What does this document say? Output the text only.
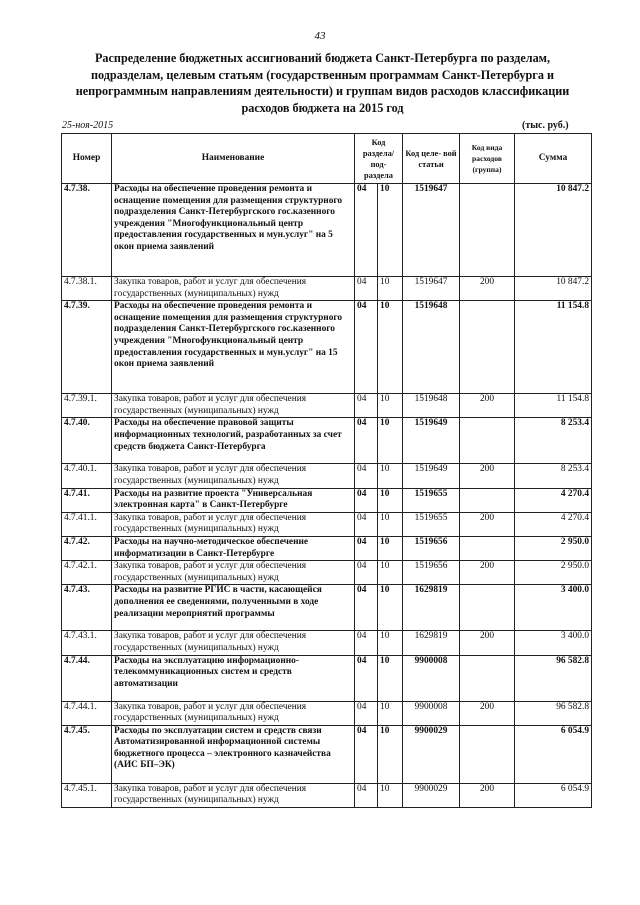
43
Распределение бюджетных ассигнований бюджета Санкт-Петербурга по разделам, подразделам, целевым статьям (государственным программам Санкт-Петербурга и непрограммным направлениям деятельности) и группам видов расходов классификации расходов бюджета на 2015 год
25-ноя-2015	(тыс. руб.)
Номер	Наименование	Код раздела/ под- раздела		Код целе- вой статьи	Код вида расходов (группа)	Сумма
4.7.38.	Расходы на обеспечение проведения ремонта и оснащение помещения для размещения структурного подразделения Санкт-Петербургского гос.казенного учреждения "Многофункциональный центр предоставления государственных и мун.услуг" на 5 окон приема заявлений	04	10	1519647		10 847.2
4.7.38.1.	Закупка товаров, работ и услуг для обеспечения государственных (муниципальных) нужд	04	10	1519647	200	10 847.2
4.7.39.	Расходы на обеспечение проведения ремонта и оснащение помещения для размещения структурного подразделения Санкт-Петербургского гос.казенного учреждения "Многофункциональный центр предоставления государственных и мун.услуг" на 15 окон приема заявлений	04	10	1519648		11 154.8
4.7.39.1.	Закупка товаров, работ и услуг для обеспечения государственных (муниципальных) нужд	04	10	1519648	200	11 154.8
4.7.40.	Расходы на обеспечение правовой защиты информационных технологий, разработанных за счет средств бюджета Санкт-Петербурга	04	10	1519649		8 253.4
4.7.40.1.	Закупка товаров, работ и услуг для обеспечения государственных (муниципальных) нужд	04	10	1519649	200	8 253.4
4.7.41.	Расходы на развитие проекта "Универсальная электронная карта" в Санкт-Петербурге	04	10	1519655		4 270.4
4.7.41.1.	Закупка товаров, работ и услуг для обеспечения государственных (муниципальных) нужд	04	10	1519655	200	4 270.4
4.7.42.	Расходы на научно-методическое обеспечение информатизации в Санкт-Петербурге	04	10	1519656		2 950.0
4.7.42.1.	Закупка товаров, работ и услуг для обеспечения государственных (муниципальных) нужд	04	10	1519656	200	2 950.0
4.7.43.	Расходы на развитие РГИС в части, касающейся дополнения ее сведениями, полученными в ходе реализации мероприятий программы	04	10	1629819		3 400.0
4.7.43.1.	Закупка товаров, работ и услуг для обеспечения государственных (муниципальных) нужд	04	10	1629819	200	3 400.0
4.7.44.	Расходы на эксплуатацию информационно-телекоммуникационных систем и средств автоматизации	04	10	9900008		96 582.8
4.7.44.1.	Закупка товаров, работ и услуг для обеспечения государственных (муниципальных) нужд	04	10	9900008	200	96 582.8
4.7.45.	Расходы по эксплуатации систем и средств связи Автоматизированной информационной системы бюджетного процесса – электронного казначейства (АИС БП–ЭК)	04	10	9900029		6 054.9
4.7.45.1.	Закупка товаров, работ и услуг для обеспечения государственных (муниципальных) нужд	04	10	9900029	200	6 054.9
